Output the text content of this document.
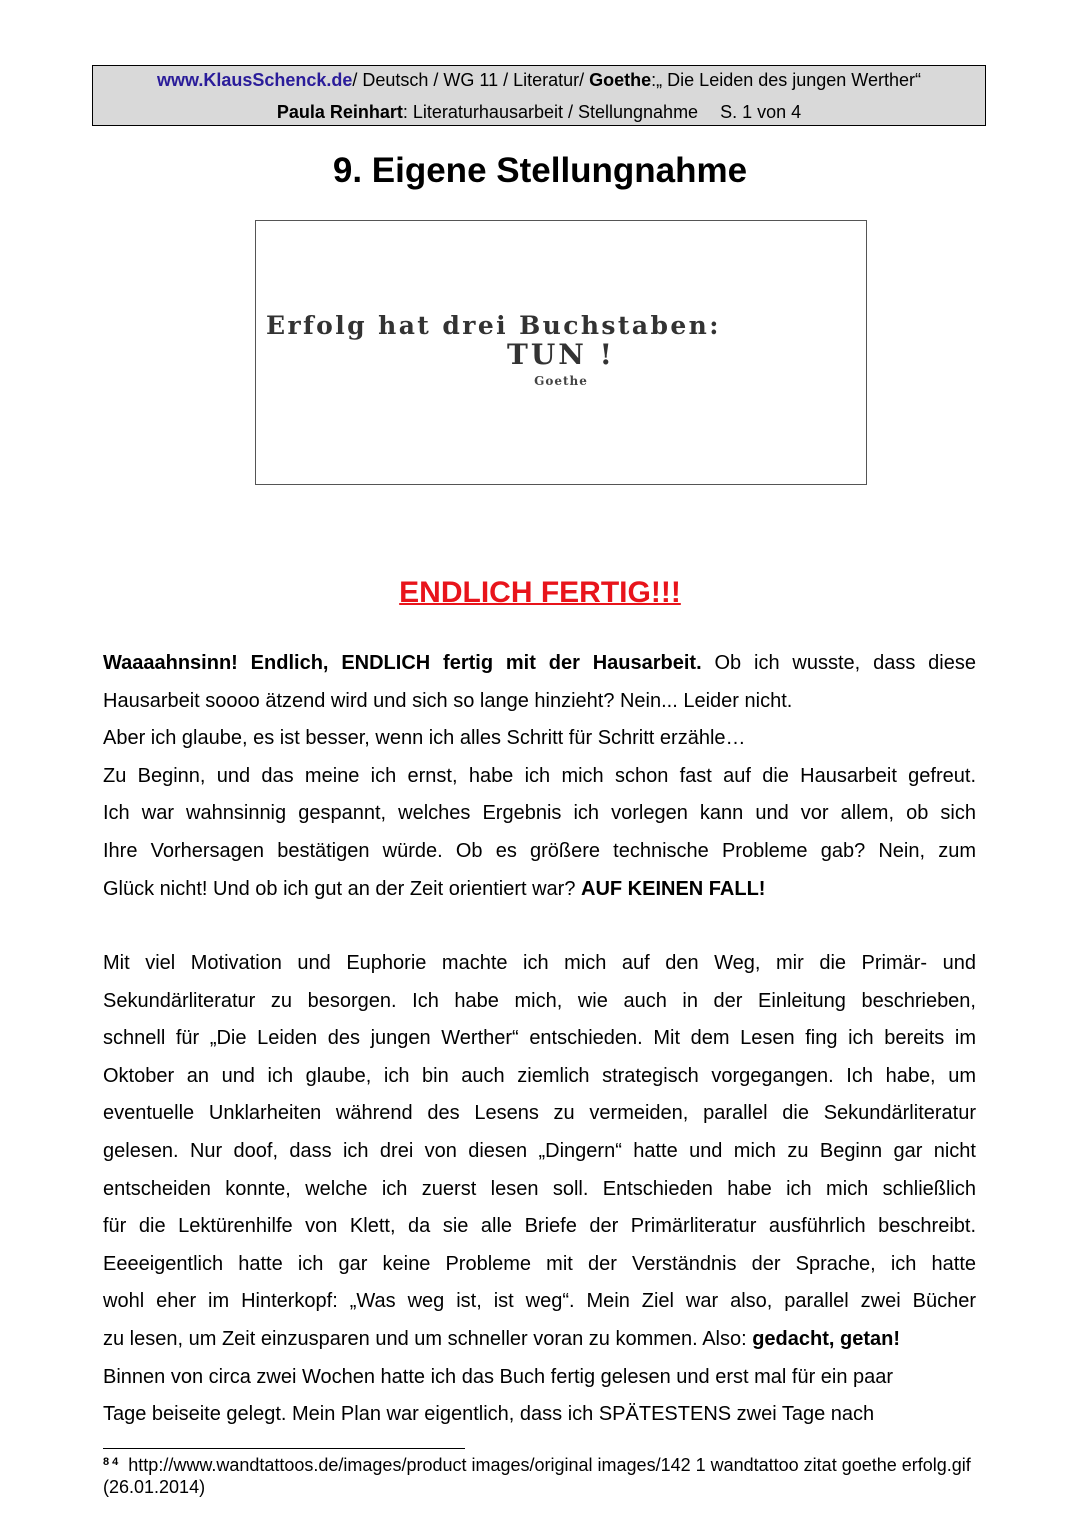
www.KlausSchenck.de/ Deutsch / WG 11 / Literatur/ Goethe:„ Die Leiden des jungen Werther“
Paula Reinhart: Literaturhausarbeit / Stellungnahme S. 1 von 4
9. Eigene Stellungnahme
Erfolg hat drei Buchstaben:
TUN !
Goethe
ENDLICH FERTIG!!!
Waaaahnsinn! Endlich, ENDLICH fertig mit der Hausarbeit. Ob ich wusste, dass diese
Hausarbeit soooo ätzend wird und sich so lange hinzieht? Nein... Leider nicht.
Aber ich glaube, es ist besser, wenn ich alles Schritt für Schritt erzähle…
Zu Beginn, und das meine ich ernst, habe ich mich schon fast auf die Hausarbeit gefreut.
Ich war wahnsinnig gespannt, welches Ergebnis ich vorlegen kann und vor allem, ob sich
Ihre Vorhersagen bestätigen würde. Ob es größere technische Probleme gab? Nein, zum
Glück nicht! Und ob ich gut an der Zeit orientiert war? AUF KEINEN FALL!
Mit viel Motivation und Euphorie machte ich mich auf den Weg, mir die Primär- und
Sekundärliteratur zu besorgen. Ich habe mich, wie auch in der Einleitung beschrieben,
schnell für „Die Leiden des jungen Werther“ entschieden. Mit dem Lesen fing ich bereits im
Oktober an und ich glaube, ich bin auch ziemlich strategisch vorgegangen. Ich habe, um
eventuelle Unklarheiten während des Lesens zu vermeiden, parallel die Sekundärliteratur
gelesen. Nur doof, dass ich drei von diesen „Dingern“ hatte und mich zu Beginn gar nicht
entscheiden konnte, welche ich zuerst lesen soll. Entschieden habe ich mich schließlich
für die Lektürenhilfe von Klett, da sie alle Briefe der Primärliteratur ausführlich beschreibt.
Eeeeigentlich hatte ich gar keine Probleme mit der Verständnis der Sprache, ich hatte
wohl eher im Hinterkopf: „Was weg ist, ist weg“. Mein Ziel war also, parallel zwei Bücher
zu lesen, um Zeit einzusparen und um schneller voran zu kommen. Also: gedacht, getan!
Binnen von circa zwei Wochen hatte ich das Buch fertig gelesen und erst mal für ein paar
Tage beiseite gelegt. Mein Plan war eigentlich, dass ich SPÄTESTENS zwei Tage nach
$^{8 4}$ http://www.wandtattoos.de/images/product images/original images/142 1 wandtattoo zitat goethe erfolg.gif (26.01.2014)
